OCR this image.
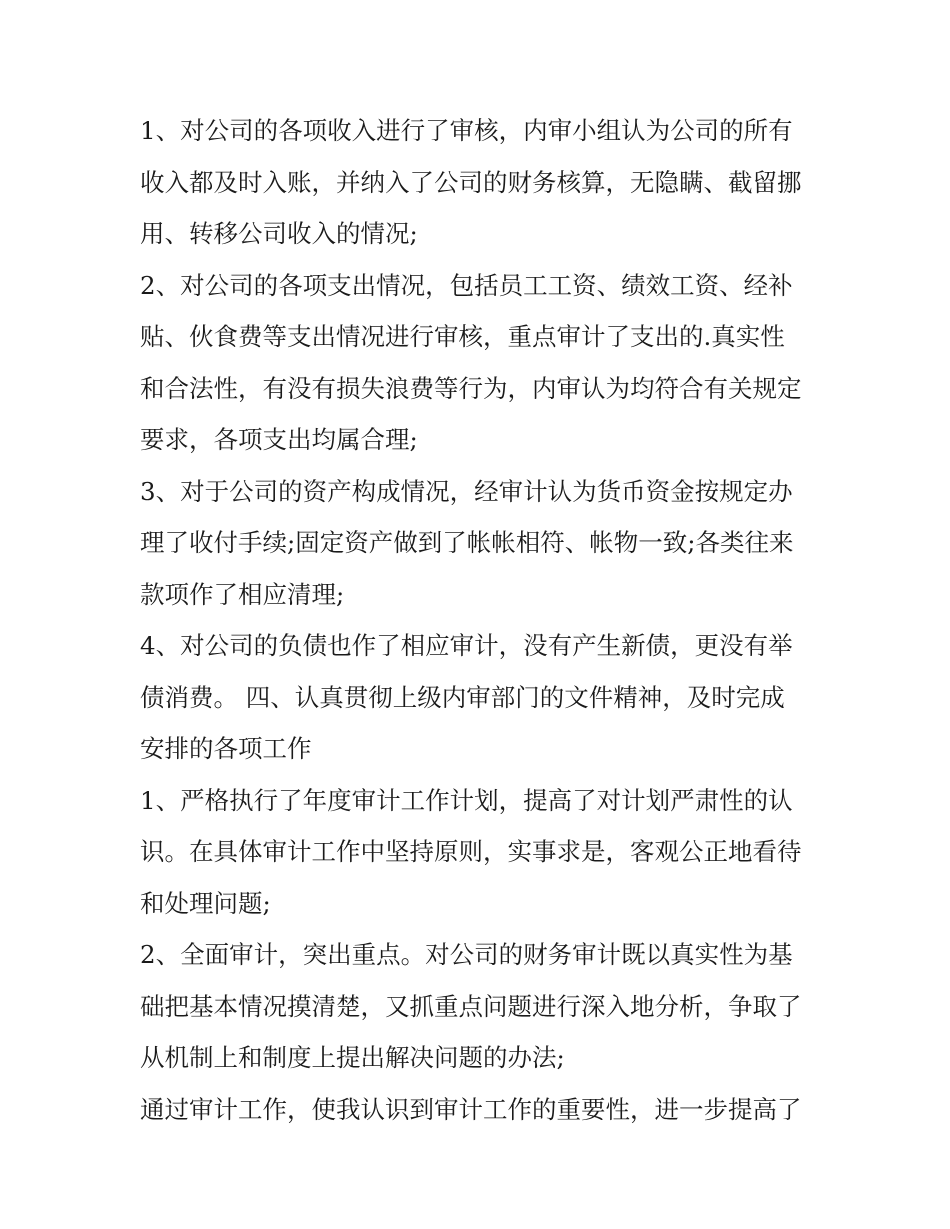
1、对公司的各项收入进行了审核，内审小组认为公司的所有
收入都及时入账，并纳入了公司的财务核算，无隐瞒、截留挪
用、转移公司收入的情况;
2、对公司的各项支出情况，包括员工工资、绩效工资、经补
贴、伙食费等支出情况进行审核，重点审计了支出的.真实性
和合法性，有没有损失浪费等行为，内审认为均符合有关规定
要求，各项支出均属合理;
3、对于公司的资产构成情况，经审计认为货币资金按规定办
理了收付手续;固定资产做到了帐帐相符、帐物一致;各类往来
款项作了相应清理;
4、对公司的负债也作了相应审计，没有产生新债，更没有举
债消费。 四、认真贯彻上级内审部门的文件精神，及时完成
安排的各项工作
1、严格执行了年度审计工作计划，提高了对计划严肃性的认
识。在具体审计工作中坚持原则，实事求是，客观公正地看待
和处理问题;
2、全面审计，突出重点。对公司的财务审计既以真实性为基
础把基本情况摸清楚，又抓重点问题进行深入地分析，争取了
从机制上和制度上提出解决问题的办法;
通过审计工作，使我认识到审计工作的重要性，进一步提高了
